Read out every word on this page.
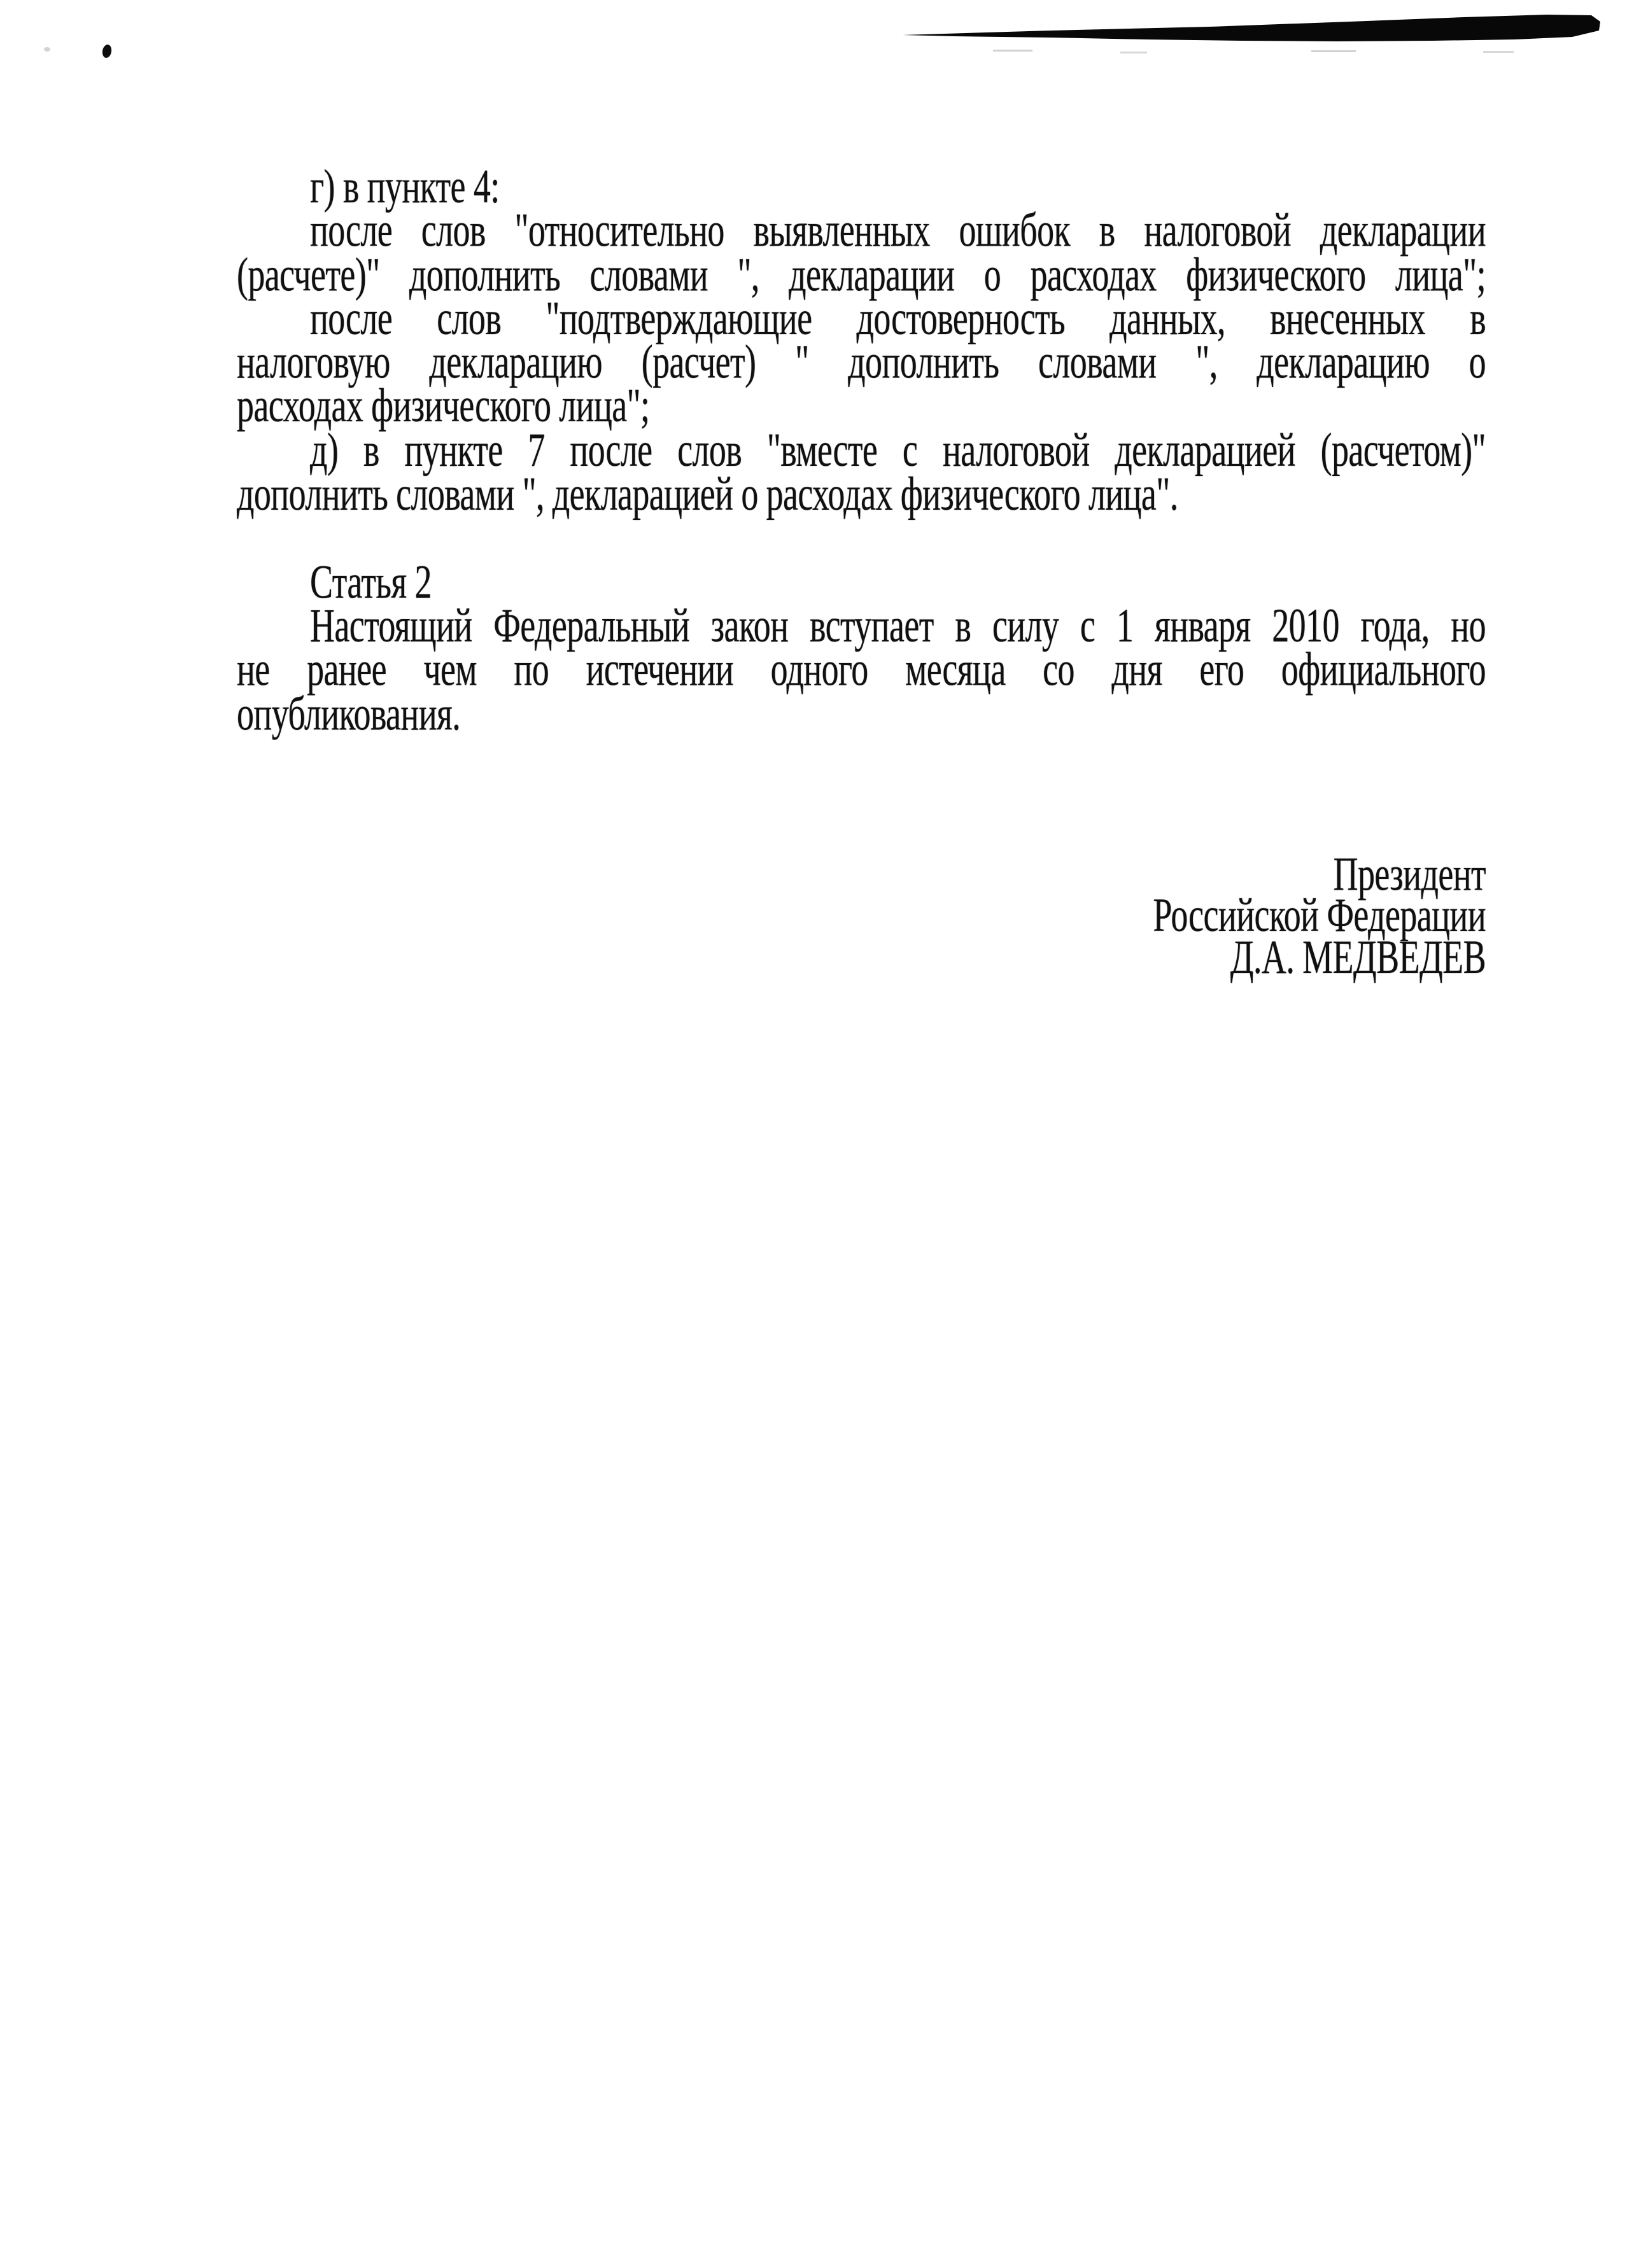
г) в пункте 4:
после слов "относительно выявленных ошибок в налоговой декларации
(расчете)" дополнить словами ", декларации о расходах физического лица";
после слов "подтверждающие достоверность данных, внесенных в
налоговую декларацию (расчет) " дополнить словами ", декларацию о
расходах физического лица";
д) в пункте 7 после слов "вместе с налоговой декларацией (расчетом)"
дополнить словами ", декларацией о расходах физического лица".
Статья 2
Настоящий Федеральный закон вступает в силу с 1 января 2010 года, но
не ранее чем по истечении одного месяца со дня его официального
опубликования.
Президент
Российской Федерации
Д.А. МЕДВЕДЕВ
